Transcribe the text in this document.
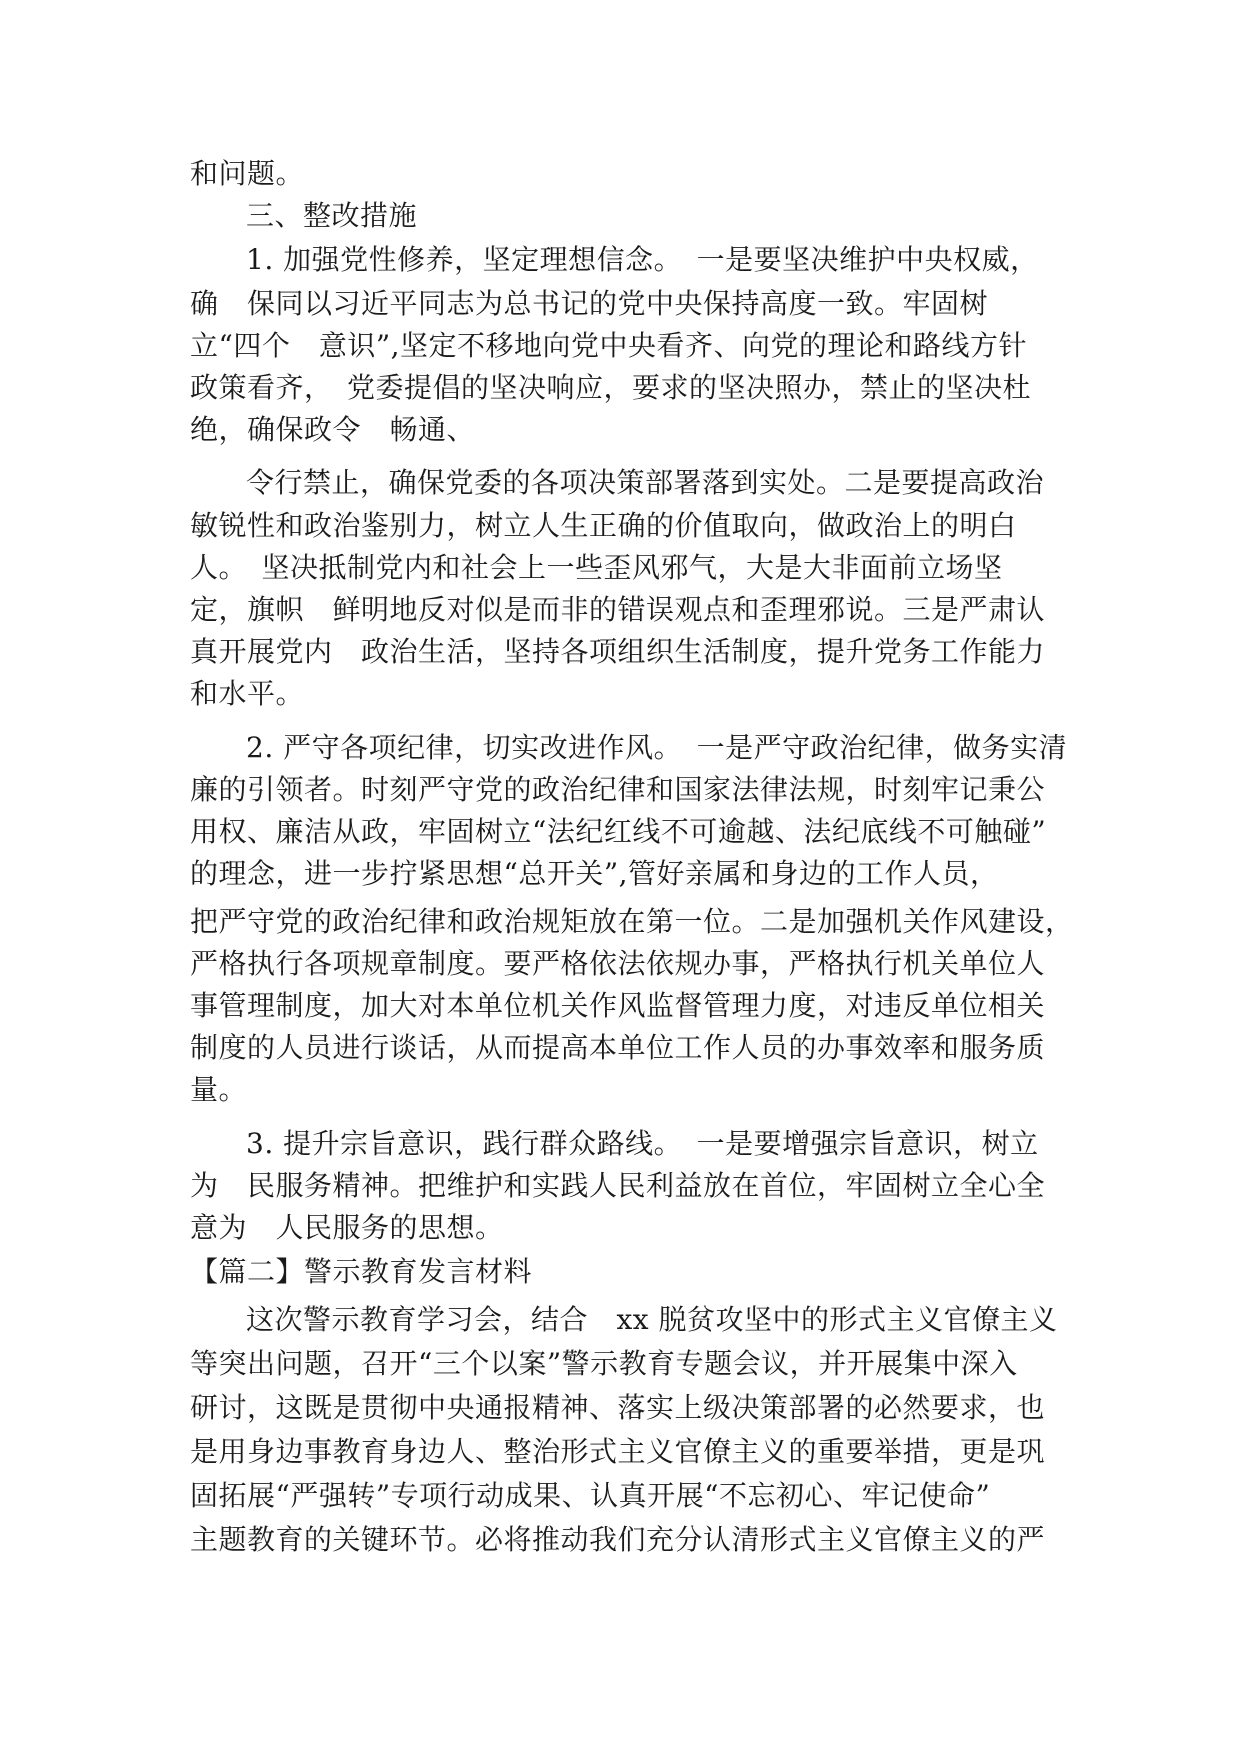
和问题。
三、整改措施
1. 加强党性修养，坚定理想信念。　一是要坚决维护中央权威，
确　保同以习近平同志为总书记的党中央保持高度一致。牢固树
立“四个　意识”,坚定不移地向党中央看齐、向党的理论和路线方针
政策看齐，　党委提倡的坚决响应，要求的坚决照办，禁止的坚决杜
绝，确保政令　畅通、
令行禁止，确保党委的各项决策部署落到实处。二是要提高政治
敏锐性和政治鉴别力，树立人生正确的价值取向，做政治上的明白
人。　坚决抵制党内和社会上一些歪风邪气，大是大非面前立场坚
定，旗帜　鲜明地反对似是而非的错误观点和歪理邪说。三是严肃认
真开展党内　政治生活，坚持各项组织生活制度，提升党务工作能力
和水平。
2. 严守各项纪律，切实改进作风。　一是严守政治纪律，做务实清
廉的引领者。时刻严守党的政治纪律和国家法律法规，时刻牢记秉公
用权、廉洁从政，牢固树立“法纪红线不可逾越、法纪底线不可触碰”
的理念，进一步拧紧思想“总开关”,管好亲属和身边的工作人员，
把严守党的政治纪律和政治规矩放在第一位。二是加强机关作风建设，
严格执行各项规章制度。要严格依法依规办事，严格执行机关单位人
事管理制度，加大对本单位机关作风监督管理力度，对违反单位相关
制度的人员进行谈话，从而提高本单位工作人员的办事效率和服务质
量。
3. 提升宗旨意识，践行群众路线。　一是要增强宗旨意识，树立
为　民服务精神。把维护和实践人民利益放在首位，牢固树立全心全
意为　人民服务的思想。
【篇二】警示教育发言材料
这次警示教育学习会，结合　xx 脱贫攻坚中的形式主义官僚主义
等突出问题，召开“三个以案”警示教育专题会议，并开展集中深入
研讨，这既是贯彻中央通报精神、落实上级决策部署的必然要求，也
是用身边事教育身边人、整治形式主义官僚主义的重要举措，更是巩
固拓展“严强转”专项行动成果、认真开展“不忘初心、牢记使命”
主题教育的关键环节。必将推动我们充分认清形式主义官僚主义的严
